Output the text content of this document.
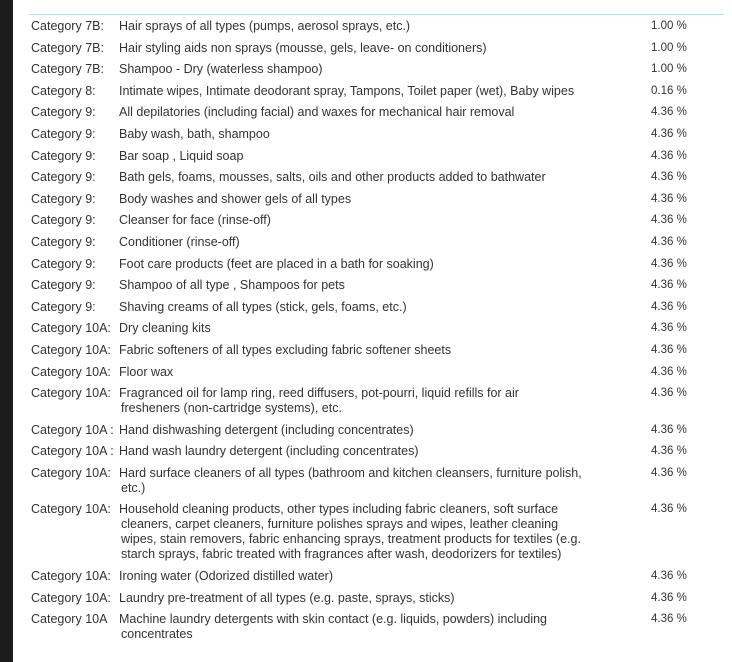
Category 7B:	Hair sprays of all types (pumps, aerosol sprays, etc.)	1.00 %
Category 7B:	Hair styling aids non sprays (mousse, gels, leave- on conditioners)	1.00 %
Category 7B:	Shampoo - Dry (waterless shampoo)	1.00 %
Category 8:	Intimate wipes, Intimate deodorant spray, Tampons, Toilet paper (wet), Baby wipes	0.16 %
Category 9:	All depilatories (including facial) and waxes for mechanical hair removal	4.36 %
Category 9:	Baby wash, bath, shampoo	4.36 %
Category 9:	Bar soap , Liquid soap	4.36 %
Category 9:	Bath gels, foams, mousses, salts, oils and other products added to bathwater	4.36 %
Category 9:	Body washes and shower gels of all types	4.36 %
Category 9:	Cleanser for face (rinse-off)	4.36 %
Category 9:	Conditioner (rinse-off)	4.36 %
Category 9:	Foot care products (feet are placed in a bath for soaking)	4.36 %
Category 9:	Shampoo of all type , Shampoos for pets	4.36 %
Category 9:	Shaving creams of all types (stick, gels, foams, etc.)	4.36 %
Category 10A: Dry cleaning kits	4.36 %
Category 10A: Fabric softeners of all types excluding fabric softener sheets	4.36 %
Category 10A: Floor wax	4.36 %
Category 10A: Fragranced oil for lamp ring, reed diffusers, pot-pourri, liquid refills for air
fresheners (non-cartridge systems), etc.
4.36 %
Category 10A : Hand dishwashing detergent (including concentrates)	4.36 %
Category 10A : Hand wash laundry detergent (including concentrates)	4.36 %
Category 10A: Hard surface cleaners of all types (bathroom and kitchen cleansers, furniture polish,
etc.)
4.36 %
Category 10A: Household cleaning products, other types including fabric cleaners, soft surface
cleaners, carpet cleaners, furniture polishes sprays and wipes, leather cleaning
wipes, stain removers, fabric enhancing sprays, treatment products for textiles (e.g.
starch sprays, fabric treated with fragrances after wash, deodorizers for textiles)
4.36 %
Category 10A: Ironing water (Odorized distilled water)	4.36 %
Category 10A: Laundry pre-treatment of all types (e.g. paste, sprays, sticks)	4.36 %
Category 10A Machine laundry detergents with skin contact (e.g. liquids, powders) including
concentrates
4.36 %
